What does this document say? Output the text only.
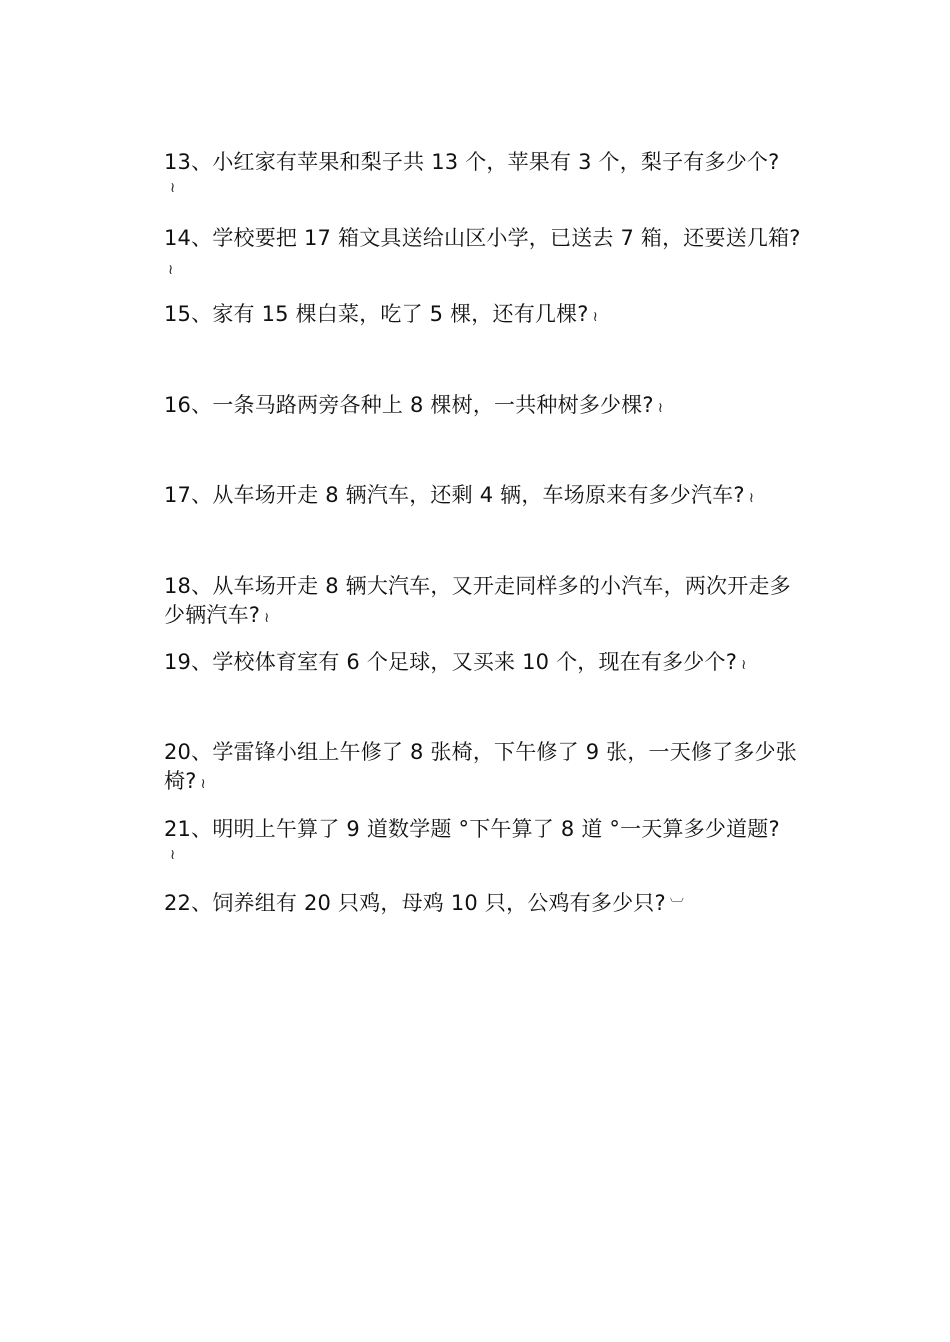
13、小红家有苹果和梨子共 13 个，苹果有 3 个，梨子有多少个?
≀
14、学校要把 17 箱文具送给山区小学，已送去 7 箱，还要送几箱?≀
15、家有 15 棵白菜，吃了 5 棵，还有几棵? ≀
16、一条马路两旁各种上 8 棵树，一共种树多少棵? ≀
17、从车场开走 8 辆汽车，还剩 4 辆，车场原来有多少汽车? ≀
18、从车场开走 8 辆大汽车，又开走同样多的小汽车，两次开走多少辆汽车? ≀
19、学校体育室有 6 个足球，又买来 10 个，现在有多少个? ≀
20、学雷锋小组上午修了 8 张椅，下午修了 9 张，一天修了多少张椅? ≀
21、明明上午算了 9 道数学题 °下午算了 8 道 °一天算多少道题?
≀
22、饲养组有 20 只鸡，母鸡 10 只，公鸡有多少只? ︺
